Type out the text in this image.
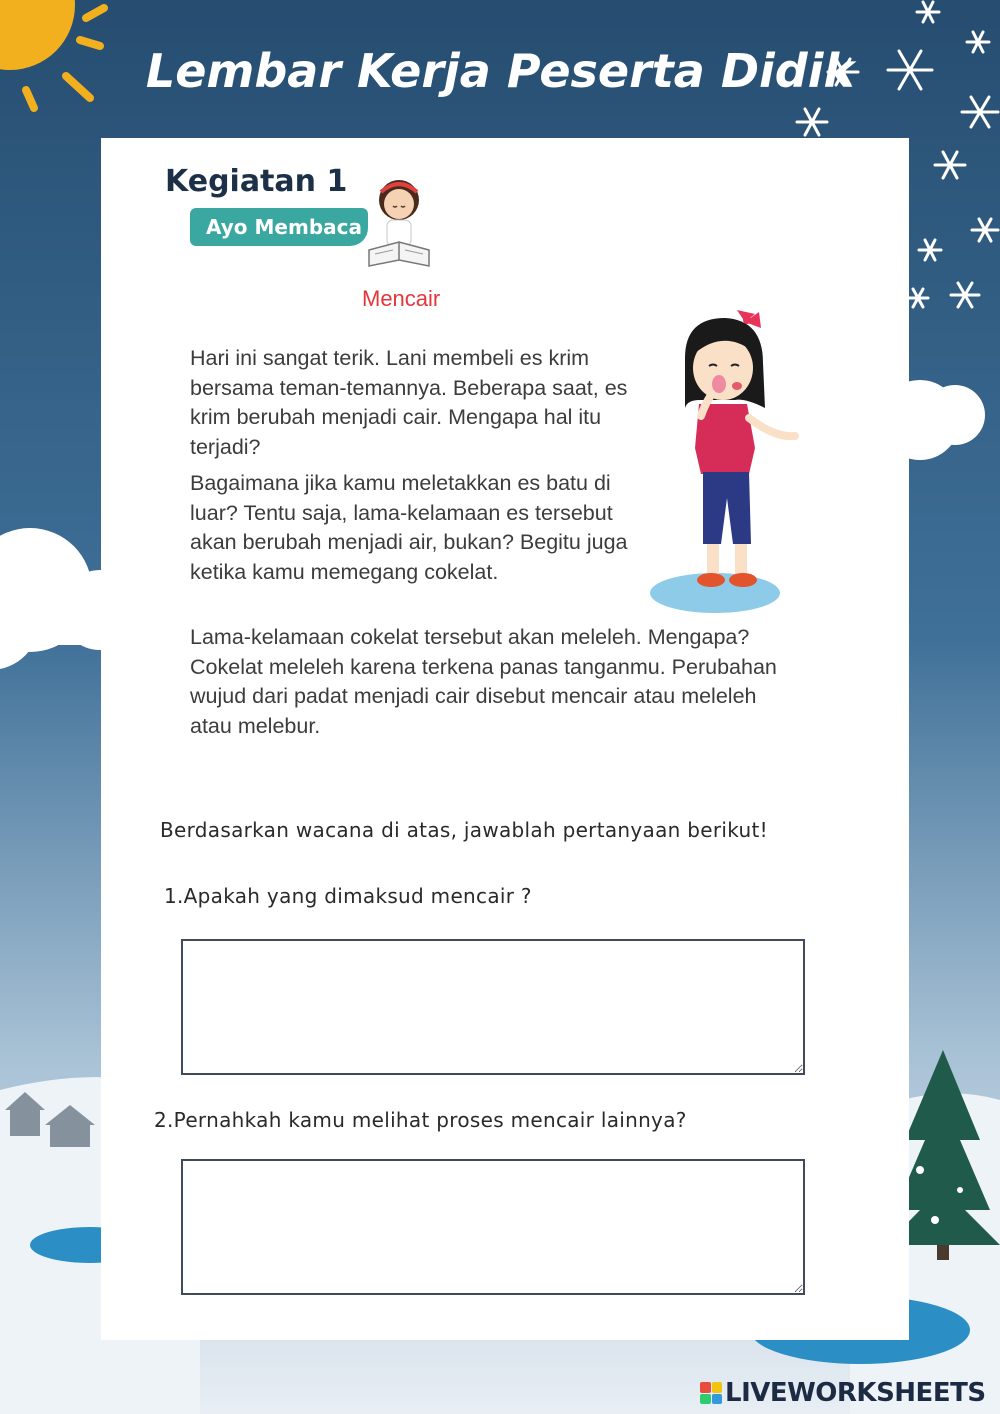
Lembar Kerja Peserta Didik
Kegiatan 1
Ayo Membaca
Mencair

Hari ini sangat terik. Lani membeli es krim bersama teman-temannya. Beberapa saat, es krim berubah menjadi cair. Mengapa hal itu terjadi?

Bagaimana jika kamu meletakkan es batu di luar? Tentu saja, lama-kelamaan es tersebut akan berubah menjadi air, bukan? Begitu juga ketika kamu memegang cokelat.

Lama-kelamaan cokelat tersebut akan meleleh. Mengapa? Cokelat meleleh karena terkena panas tanganmu. Perubahan wujud dari padat menjadi cair disebut mencair atau meleleh atau melebur.

Berdasarkan wacana di atas, jawablah pertanyaan berikut!
1.Apakah yang dimaksud mencair ?
2.Pernahkah kamu melihat proses mencair lainnya?
LIVEWORKSHEETS
